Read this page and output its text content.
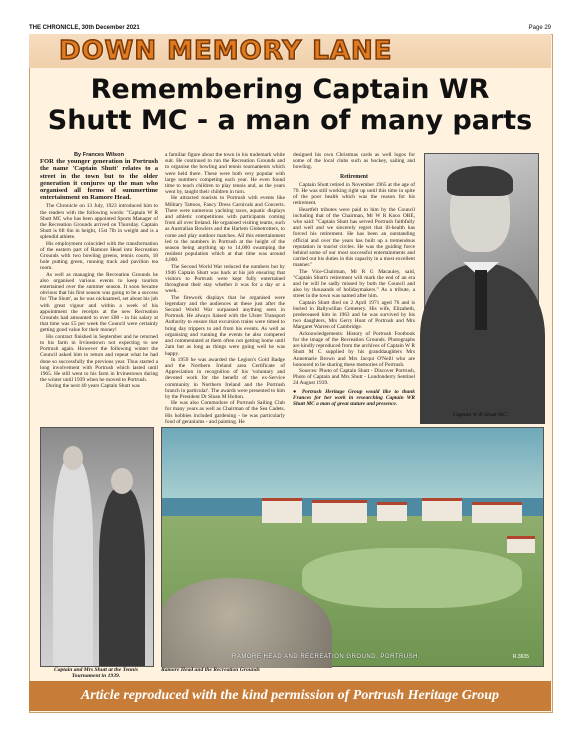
THE CHRONICLE, 30th December 2021	Page 29
DOWN MEMORY LANE
Remembering Captain WR
Shutt MC - a man of many parts

By Frances Wilson

FOR the younger generation in Portrush the name 'Captain Shutt' relates to a street in the town but to the older generation it conjures up the man who organised all forms of summertime entertainment on Ramore Head.

The Chronicle on 13 July, 1923 introduced him to the readers with the following words: "Captain W R Shutt MC who has been appointed Sports Manager of the Recreation Grounds arrived on Thursday. Captain Shutt is 6ft 6in in height, 15st 7lb in weight and is a splendid athlete.

His employment coincided with the transformation of the eastern part of Ramore Head into Recreation Grounds with two bowling greens, tennis courts, 18 hole putting green, running track and pavilion tea room.

As well as managing the Recreation Grounds he also organised various events to keep tourists entertained over the summer season. It soon became obvious that his first season was going to be a success for 'The Shutt', as he was nicknamed, set about his job with great vigour and within a week of his appointment the receipts at the new Recreation Grounds had amounted to over £80 - in his salary at that time was £5 per week the Council were certainly getting good value for their money!

His contract finished in September and he returned to his farm in Irvinestown not expecting to see Portrush again. However the following winter the Council asked him to return and repeat what he had done so successfully the previous year. Thus started a long involvement with Portrush which lasted until 1965. He still went to his farm in Irvinestown during the winter until 1939 when he moved to Portrush.

During the next 40 years Captain Shutt was

a familiar figure about the town in his trademark white suit. He continued to run the Recreation Grounds and to organise the bowling and tennis tournaments which were held there. These were both very popular with large numbers competing each year. He even found time to teach children to play tennis and, as the years went by, taught their children in turn.

He attracted tourists to Portrush with events like Military Tattoos, Fancy Dress Carnivals and Concerts. There were numerous yachting races, aquatic displays and athletic competitions with participants coming from all over Ireland. He organised visiting teams, such as Australian Bowlers and the Harlem Globetrotters, to come and play outdoor matches. All this entertainment led to the numbers in Portrush at the height of the season being anything up to 14,000 swamping the resident population which at that time was around 4,000.

The Second World War reduced the numbers but by 1946 Captain Shutt was back at his job ensuring that visitors to Portrush were kept fully entertained throughout their stay whether it was for a day or a week.

The firework displays that he organised were legendary and the audiences at these just after the Second World War surpassed anything seen in Portrush. He always liaised with the Ulster Transport Authority to ensure that excursion trains were timed to bring day trippers to and from his events. As well as organising and running the events he also compered and commentated at them often not getting home until 2am but as long as things were going well he was happy.

In 1959 he was awarded the Legion's Gold Badge and the Northern Ireland area Certificate of Appreciation in recognition of his 'voluntary and devoted work for the benefit of the ex-Service community in Northern Ireland and the Portrush branch in particular'. The awards were presented to him by the President Dr Sloan M Holton.

He was also Commodore of Portrush Sailing Club for many years as well as Chairman of the Sea Cadets. His hobbies included gardening - he was particularly fond of geraniums - and painting. He

designed his own Christmas cards as well logos for some of the local clubs such as hockey, sailing and bowling.

Retirement

Captain Shutt retired in November 1965 at the age of 70. He was still working right up until this time in spite of the poor health which was the reason for his retirement.

Heartfelt tributes were paid to him by the Council including that of the Chairman, Mr W R Knox OBE, who said: "Captain Shutt has served Portrush faithfully and well and we sincerely regret that ill-health has forced his retirement. He has been an outstanding official and over the years has built up a tremendous reputation in tourist circles. He was the guiding force behind some of our most successful entertainments and carried out his duties in this capacity in a most excellent manner."

The Vice-Chairman, Mr R G Macauley, said, "Captain Shutt's retirement will mark the end of an era and he will be sadly missed by both the Council and also by thousands of holidaymakers." As a tribute, a street in the town was named after him.

Captain Shutt died on 2 April 1971 aged 76 and is buried in Ballywillan Cemetery. His wife, Elizabeth, predeceased him in 1963 and he was survived by his two daughters, Mrs Gerry Hunt of Portrush and Mrs Margaret Warren of Cambridge.

Acknowledgements: History of Portrush Footbook for the image of the Recreation Grounds. Photographs are kindly reproduced from the archives of Captain W R Shutt M C supplied by his granddaughters Mrs Annemarie Brown and Mrs Jacqui O'Neill who are honoured to be sharing these memories of Portrush.

Sources: Photo of Captain Shutt - Discover Portrush, Photo of Captain and Mrs Shutt - Londonderry Sentinel 24 August 1939.

● Portrush Heritage Group would like to thank Frances for her work in researching Captain WR Shutt MC a man of great stature and presence.

Captain W R Shutt MC.
Captain and Mrs Shutt at the Tennis Tournament in 1939.
RAMORE HEAD AND RECREATION GROUND, PORTRUSH.	R.3635
Ramore Head and the Recreation Grounds
Article reproduced with the kind permission of Portrush Heritage Group
